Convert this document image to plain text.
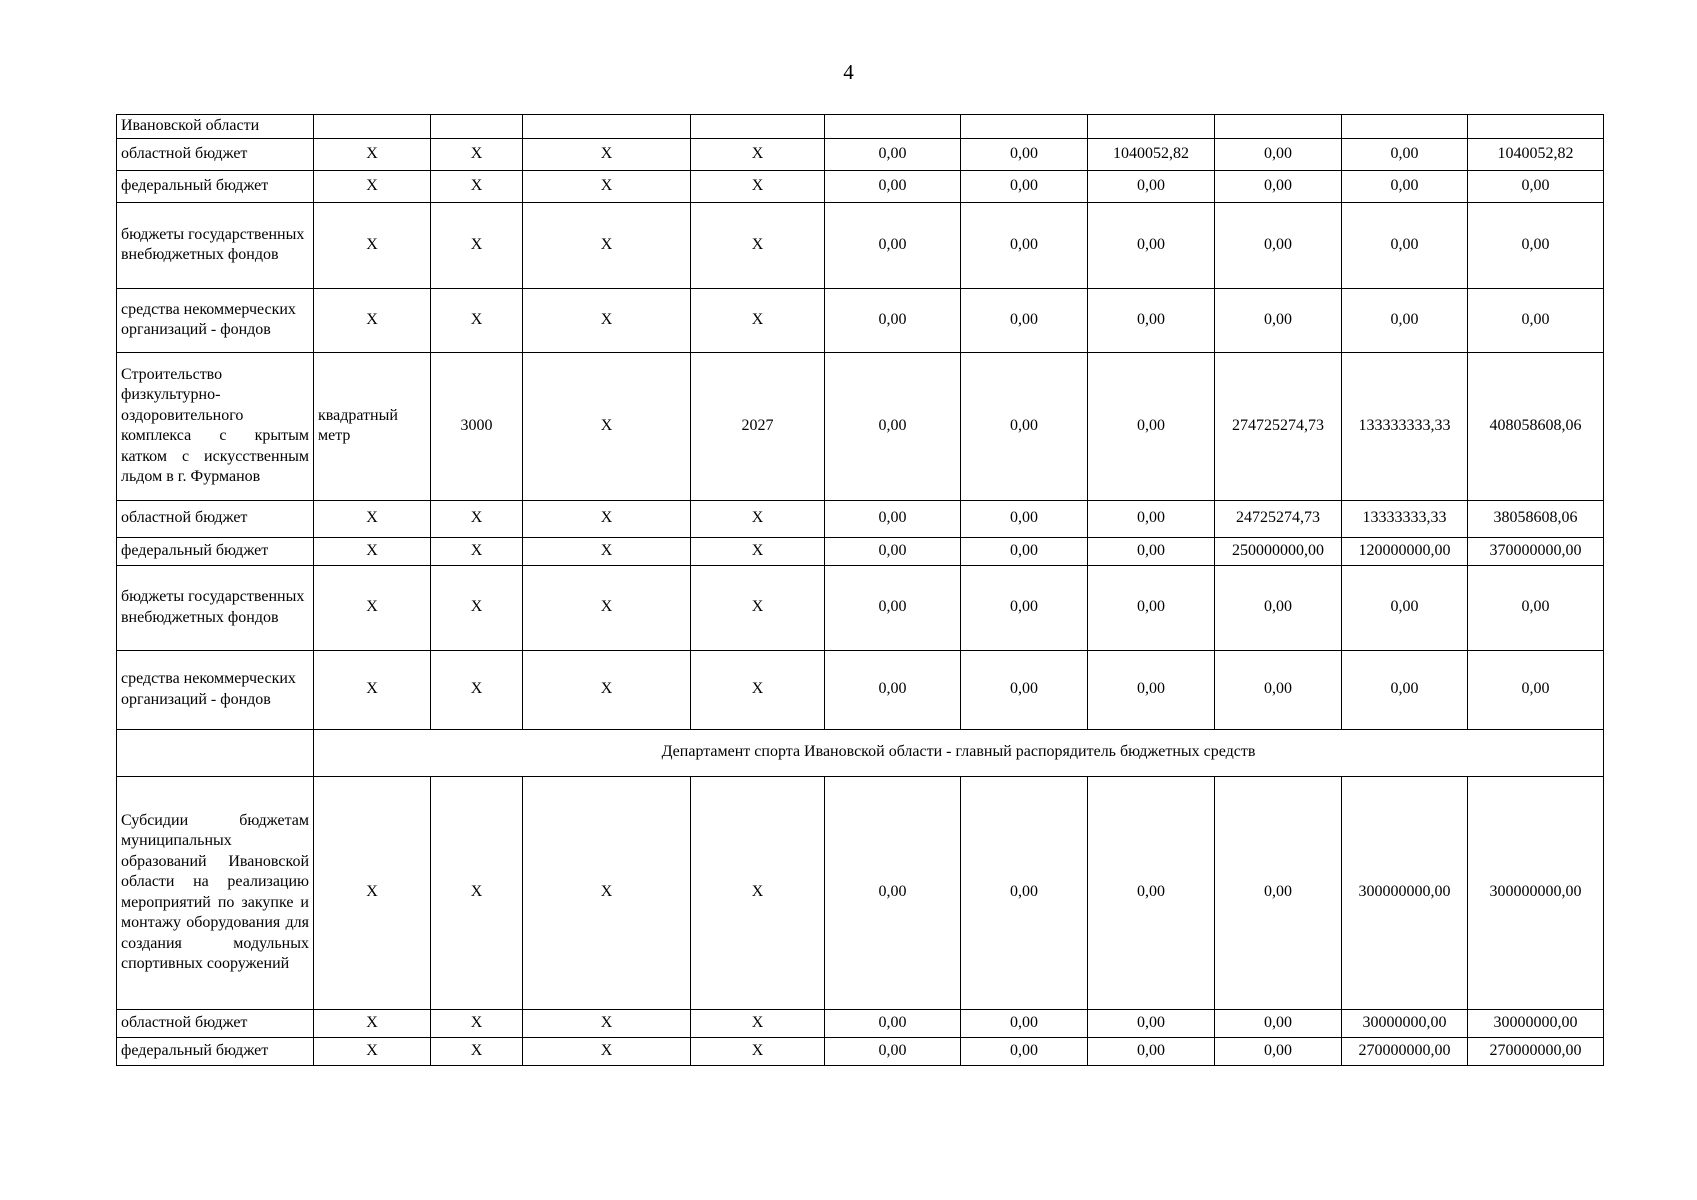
4
Ивановской области										
областной бюджет	Х	Х	Х	Х	0,00	0,00	1040052,82	0,00	0,00	1040052,82
федеральный бюджет	Х	Х	Х	Х	0,00	0,00	0,00	0,00	0,00	0,00
бюджеты государственных внебюджетных фондов	Х	Х	Х	Х	0,00	0,00	0,00	0,00	0,00	0,00
средства некоммерческих организаций - фондов	Х	Х	Х	Х	0,00	0,00	0,00	0,00	0,00	0,00
Строительство физкультурно-оздоровительного комплекса с крытым катком с искусственным льдом в г. Фурманов	квадратный метр	3000	Х	2027	0,00	0,00	0,00	274725274,73	133333333,33	408058608,06
областной бюджет	Х	Х	Х	Х	0,00	0,00	0,00	24725274,73	13333333,33	38058608,06
федеральный бюджет	Х	Х	Х	Х	0,00	0,00	0,00	250000000,00	120000000,00	370000000,00
бюджеты государственных внебюджетных фондов	Х	Х	Х	Х	0,00	0,00	0,00	0,00	0,00	0,00
средства некоммерческих организаций - фондов	Х	Х	Х	Х	0,00	0,00	0,00	0,00	0,00	0,00
	Департамент спорта Ивановской области - главный распорядитель бюджетных средств									
Субсидии бюджетам муниципальных образований Ивановской области на реализацию мероприятий по закупке и монтажу оборудования для создания модульных спортивных сооружений	Х	Х	Х	Х	0,00	0,00	0,00	0,00	300000000,00	300000000,00
областной бюджет	Х	Х	Х	Х	0,00	0,00	0,00	0,00	30000000,00	30000000,00
федеральный бюджет	Х	Х	Х	Х	0,00	0,00	0,00	0,00	270000000,00	270000000,00
